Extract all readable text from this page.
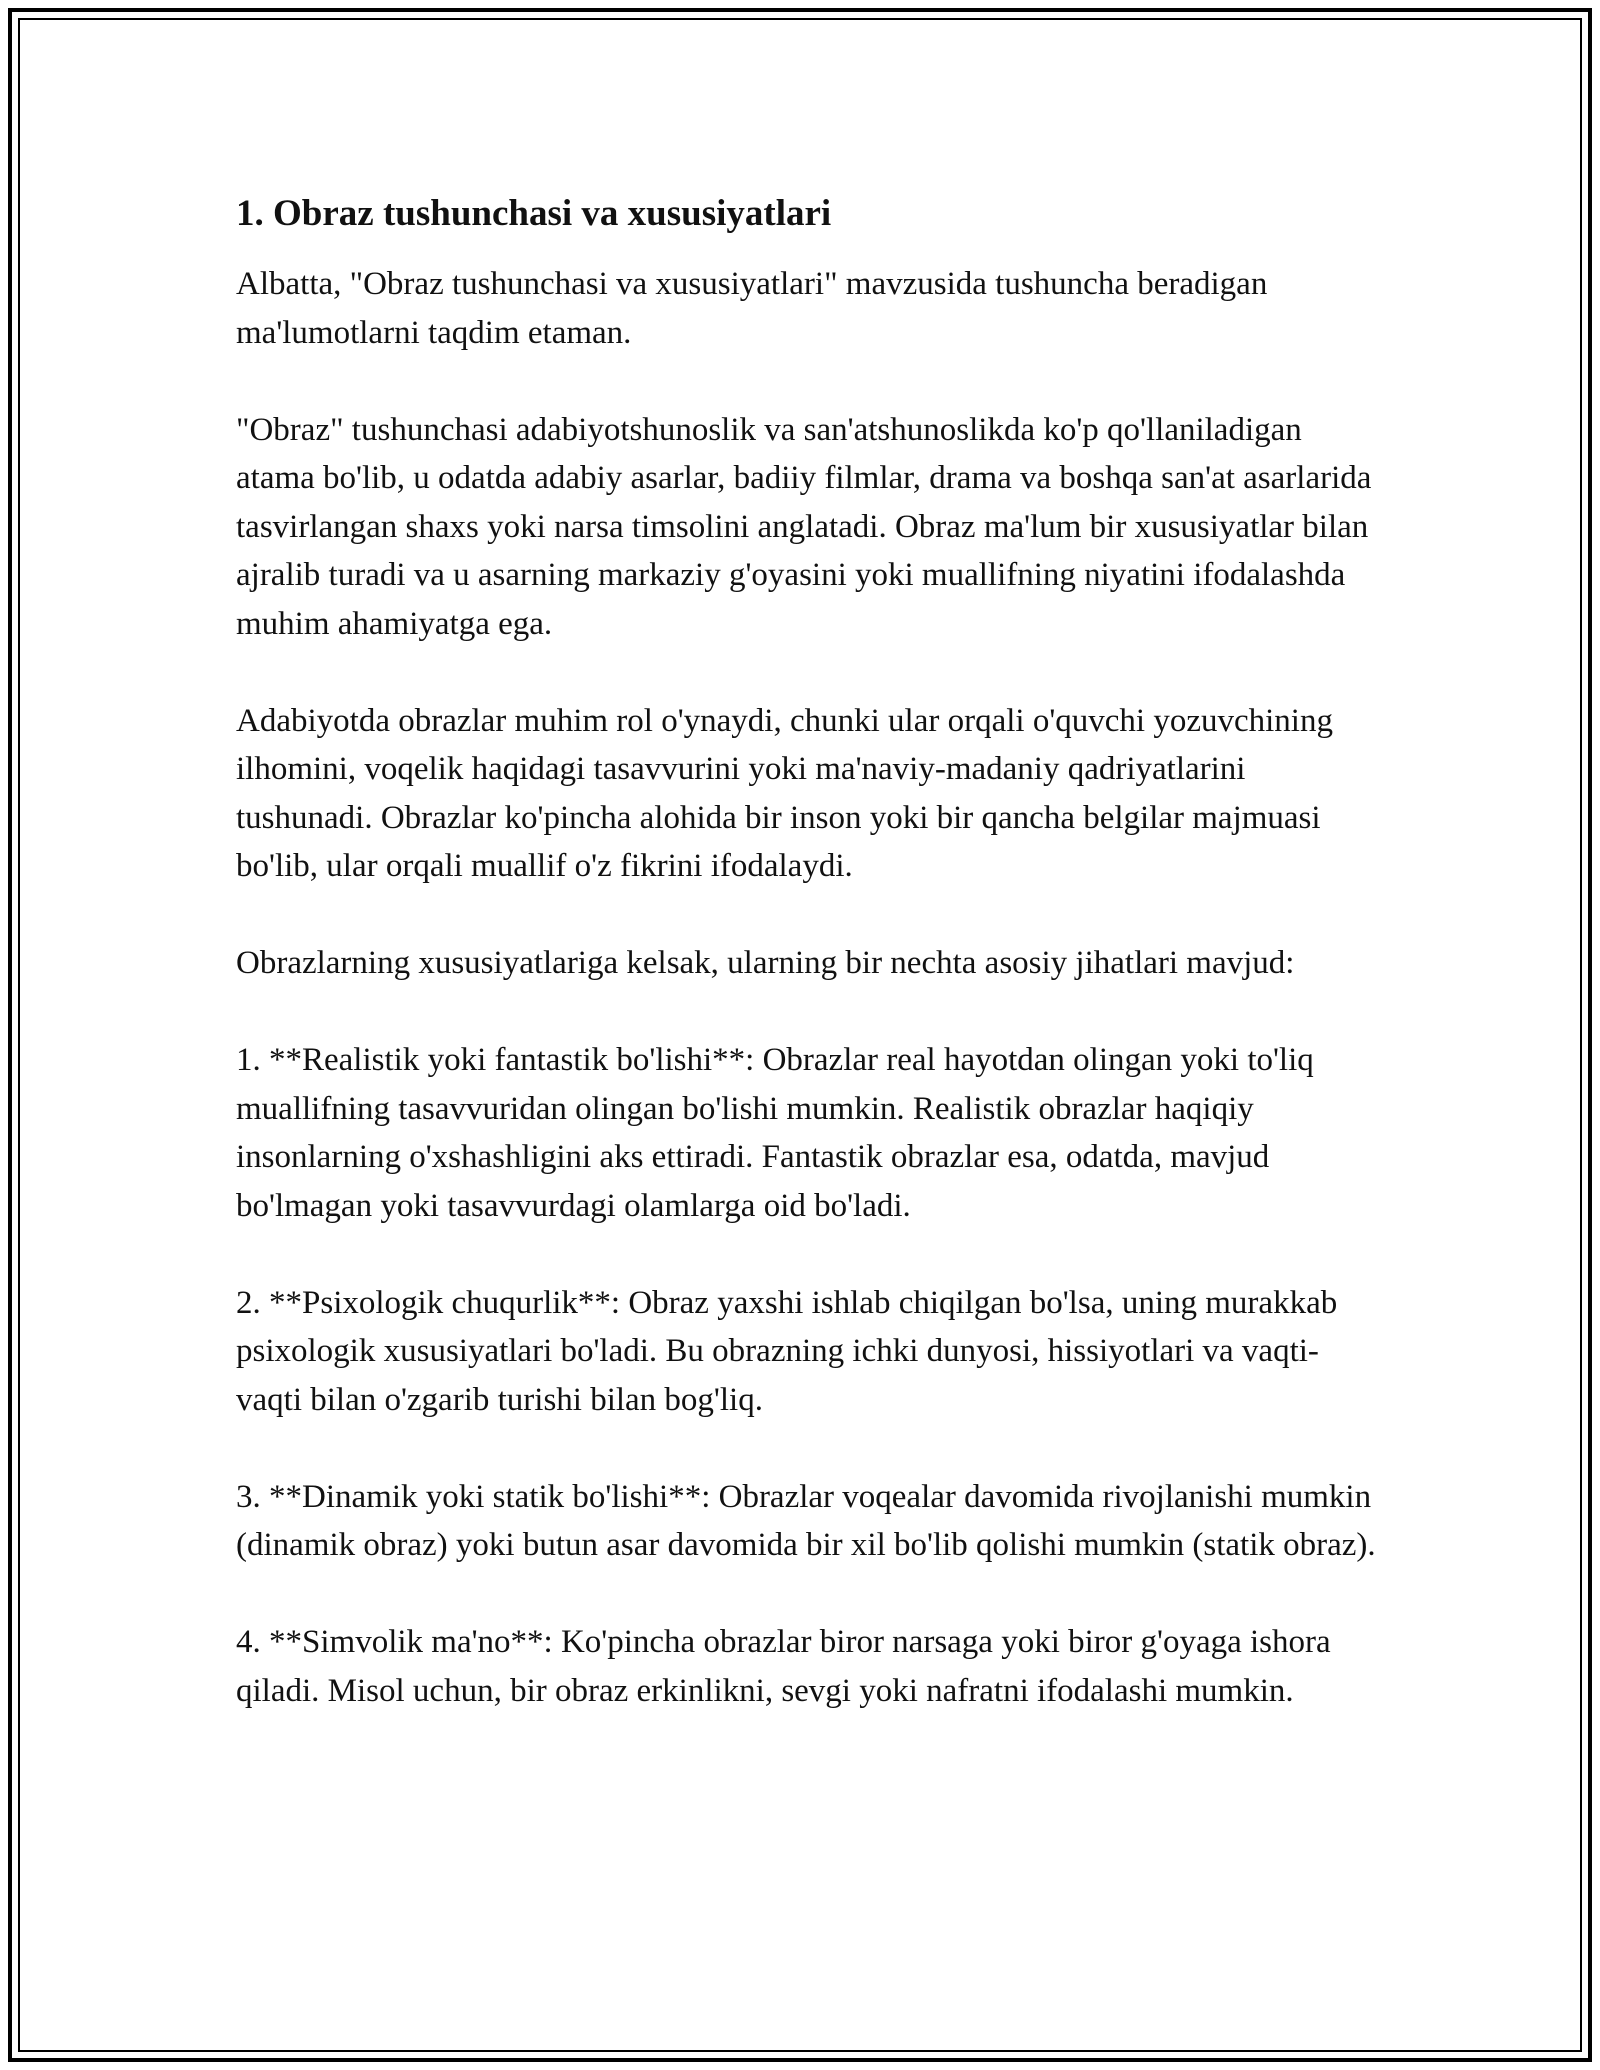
1. Obraz tushunchasi va xususiyatlari

Albatta, "Obraz tushunchasi va xususiyatlari" mavzusida tushuncha beradigan ma'lumotlarni taqdim etaman.

"Obraz" tushunchasi adabiyotshunoslik va san'atshunoslikda ko'p qo'llaniladigan atama bo'lib, u odatda adabiy asarlar, badiiy filmlar, drama va boshqa san'at asarlarida tasvirlangan shaxs yoki narsa timsolini anglatadi. Obraz ma'lum bir xususiyatlar bilan ajralib turadi va u asarning markaziy g'oyasini yoki muallifning niyatini ifodalashda muhim ahamiyatga ega.

Adabiyotda obrazlar muhim rol o'ynaydi, chunki ular orqali o'quvchi yozuvchining ilhomini, voqelik haqidagi tasavvurini yoki ma'naviy-madaniy qadriyatlarini tushunadi. Obrazlar ko'pincha alohida bir inson yoki bir qancha belgilar majmuasi bo'lib, ular orqali muallif o'z fikrini ifodalaydi.

Obrazlarning xususiyatlariga kelsak, ularning bir nechta asosiy jihatlari mavjud:

1. **Realistik yoki fantastik bo'lishi**: Obrazlar real hayotdan olingan yoki to'liq muallifning tasavvuridan olingan bo'lishi mumkin. Realistik obrazlar haqiqiy insonlarning o'xshashligini aks ettiradi. Fantastik obrazlar esa, odatda, mavjud bo'lmagan yoki tasavvurdagi olamlarga oid bo'ladi.

2. **Psixologik chuqurlik**: Obraz yaxshi ishlab chiqilgan bo'lsa, uning murakkab psixologik xususiyatlari bo'ladi. Bu obrazning ichki dunyosi, hissiyotlari va vaqti-vaqti bilan o'zgarib turishi bilan bog'liq.

3. **Dinamik yoki statik bo'lishi**: Obrazlar voqealar davomida rivojlanishi mumkin (dinamik obraz) yoki butun asar davomida bir xil bo'lib qolishi mumkin (statik obraz).

4. **Simvolik ma'no**: Ko'pincha obrazlar biror narsaga yoki biror g'oyaga ishora qiladi. Misol uchun, bir obraz erkinlikni, sevgi yoki nafratni ifodalashi mumkin.
